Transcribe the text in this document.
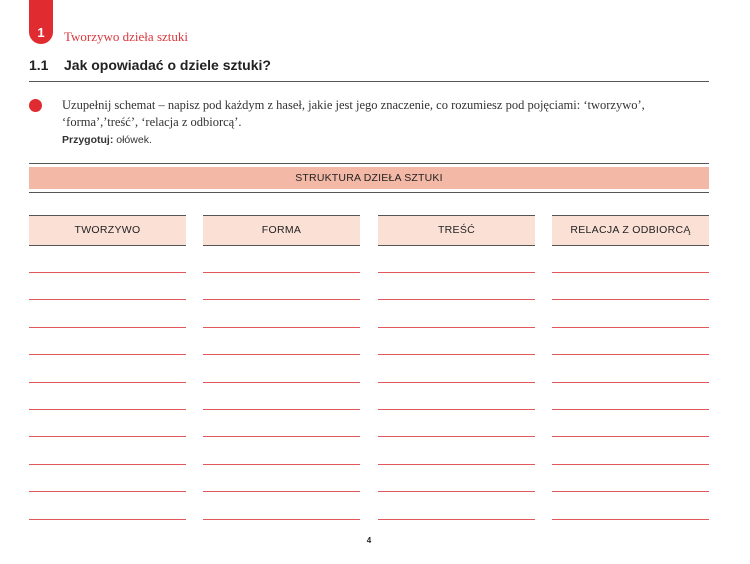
1	Tworzywo dzieła sztuki
1.1 Jak opowiadać o dziele sztuki?
Uzupełnij schemat – napisz pod każdym z haseł, jakie jest jego znaczenie, co rozumiesz pod pojęciami: ‘tworzywo’, ‘forma’,’treść’, ‘relacja z odbiorcą’.
Przygotuj: ołówek.
STRUKTURA DZIEŁA SZTUKI
TWORZYWO	FORMA	TREŚĆ	RELACJA Z ODBIORCĄ
4
